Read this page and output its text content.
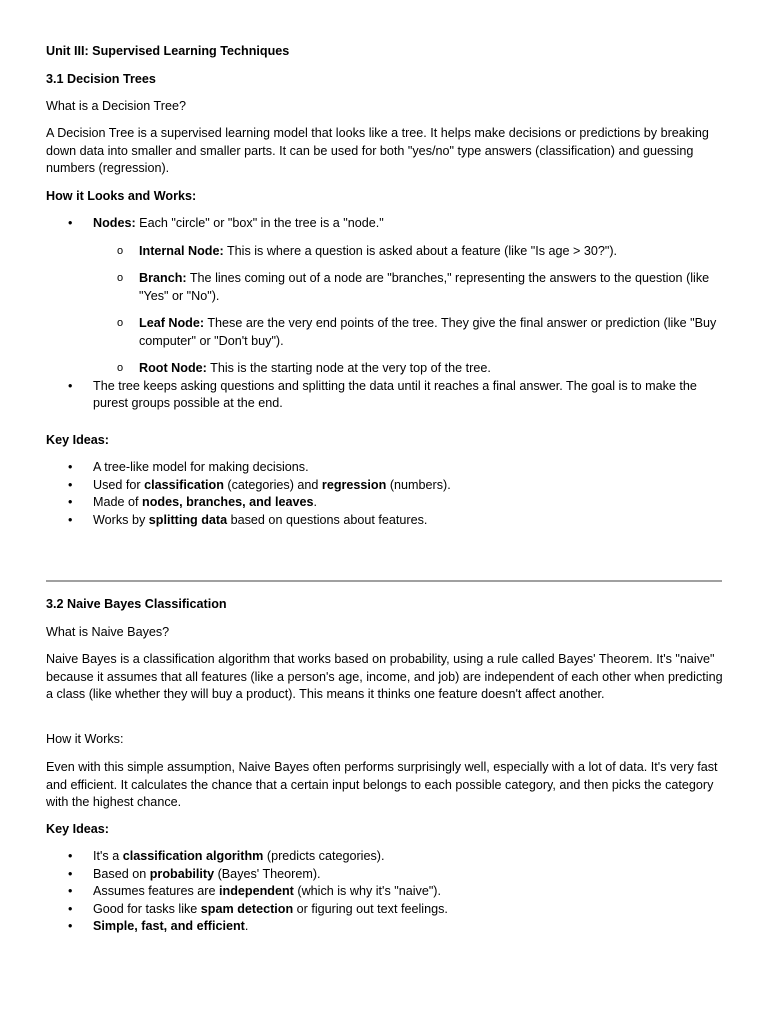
Unit III: Supervised Learning Techniques

3.1 Decision Trees

What is a Decision Tree?

A Decision Tree is a supervised learning model that looks like a tree. It helps make decisions or predictions by breaking down data into smaller and smaller parts. It can be used for both "yes/no" type answers (classification) and guessing numbers (regression).

How it Looks and Works:

• Nodes: Each "circle" or "box" in the tree is a "node."
o Internal Node: This is where a question is asked about a feature (like "Is age > 30?").
o Branch: The lines coming out of a node are "branches," representing the answers to the question (like "Yes" or "No").
o Leaf Node: These are the very end points of the tree. They give the final answer or prediction (like "Buy computer" or "Don't buy").
o Root Node: This is the starting node at the very top of the tree.
• The tree keeps asking questions and splitting the data until it reaches a final answer. The goal is to make the purest groups possible at the end.

Key Ideas:

• A tree-like model for making decisions.
• Used for classification (categories) and regression (numbers).
• Made of nodes, branches, and leaves.
• Works by splitting data based on questions about features.

3.2 Naive Bayes Classification

What is Naive Bayes?

Naive Bayes is a classification algorithm that works based on probability, using a rule called Bayes' Theorem. It's "naive" because it assumes that all features (like a person's age, income, and job) are independent of each other when predicting a class (like whether they will buy a product). This means it thinks one feature doesn't affect another.

How it Works:

Even with this simple assumption, Naive Bayes often performs surprisingly well, especially with a lot of data. It's very fast and efficient. It calculates the chance that a certain input belongs to each possible category, and then picks the category with the highest chance.

Key Ideas:

• It's a classification algorithm (predicts categories).
• Based on probability (Bayes' Theorem).
• Assumes features are independent (which is why it's "naive").
• Good for tasks like spam detection or figuring out text feelings.
• Simple, fast, and efficient.
